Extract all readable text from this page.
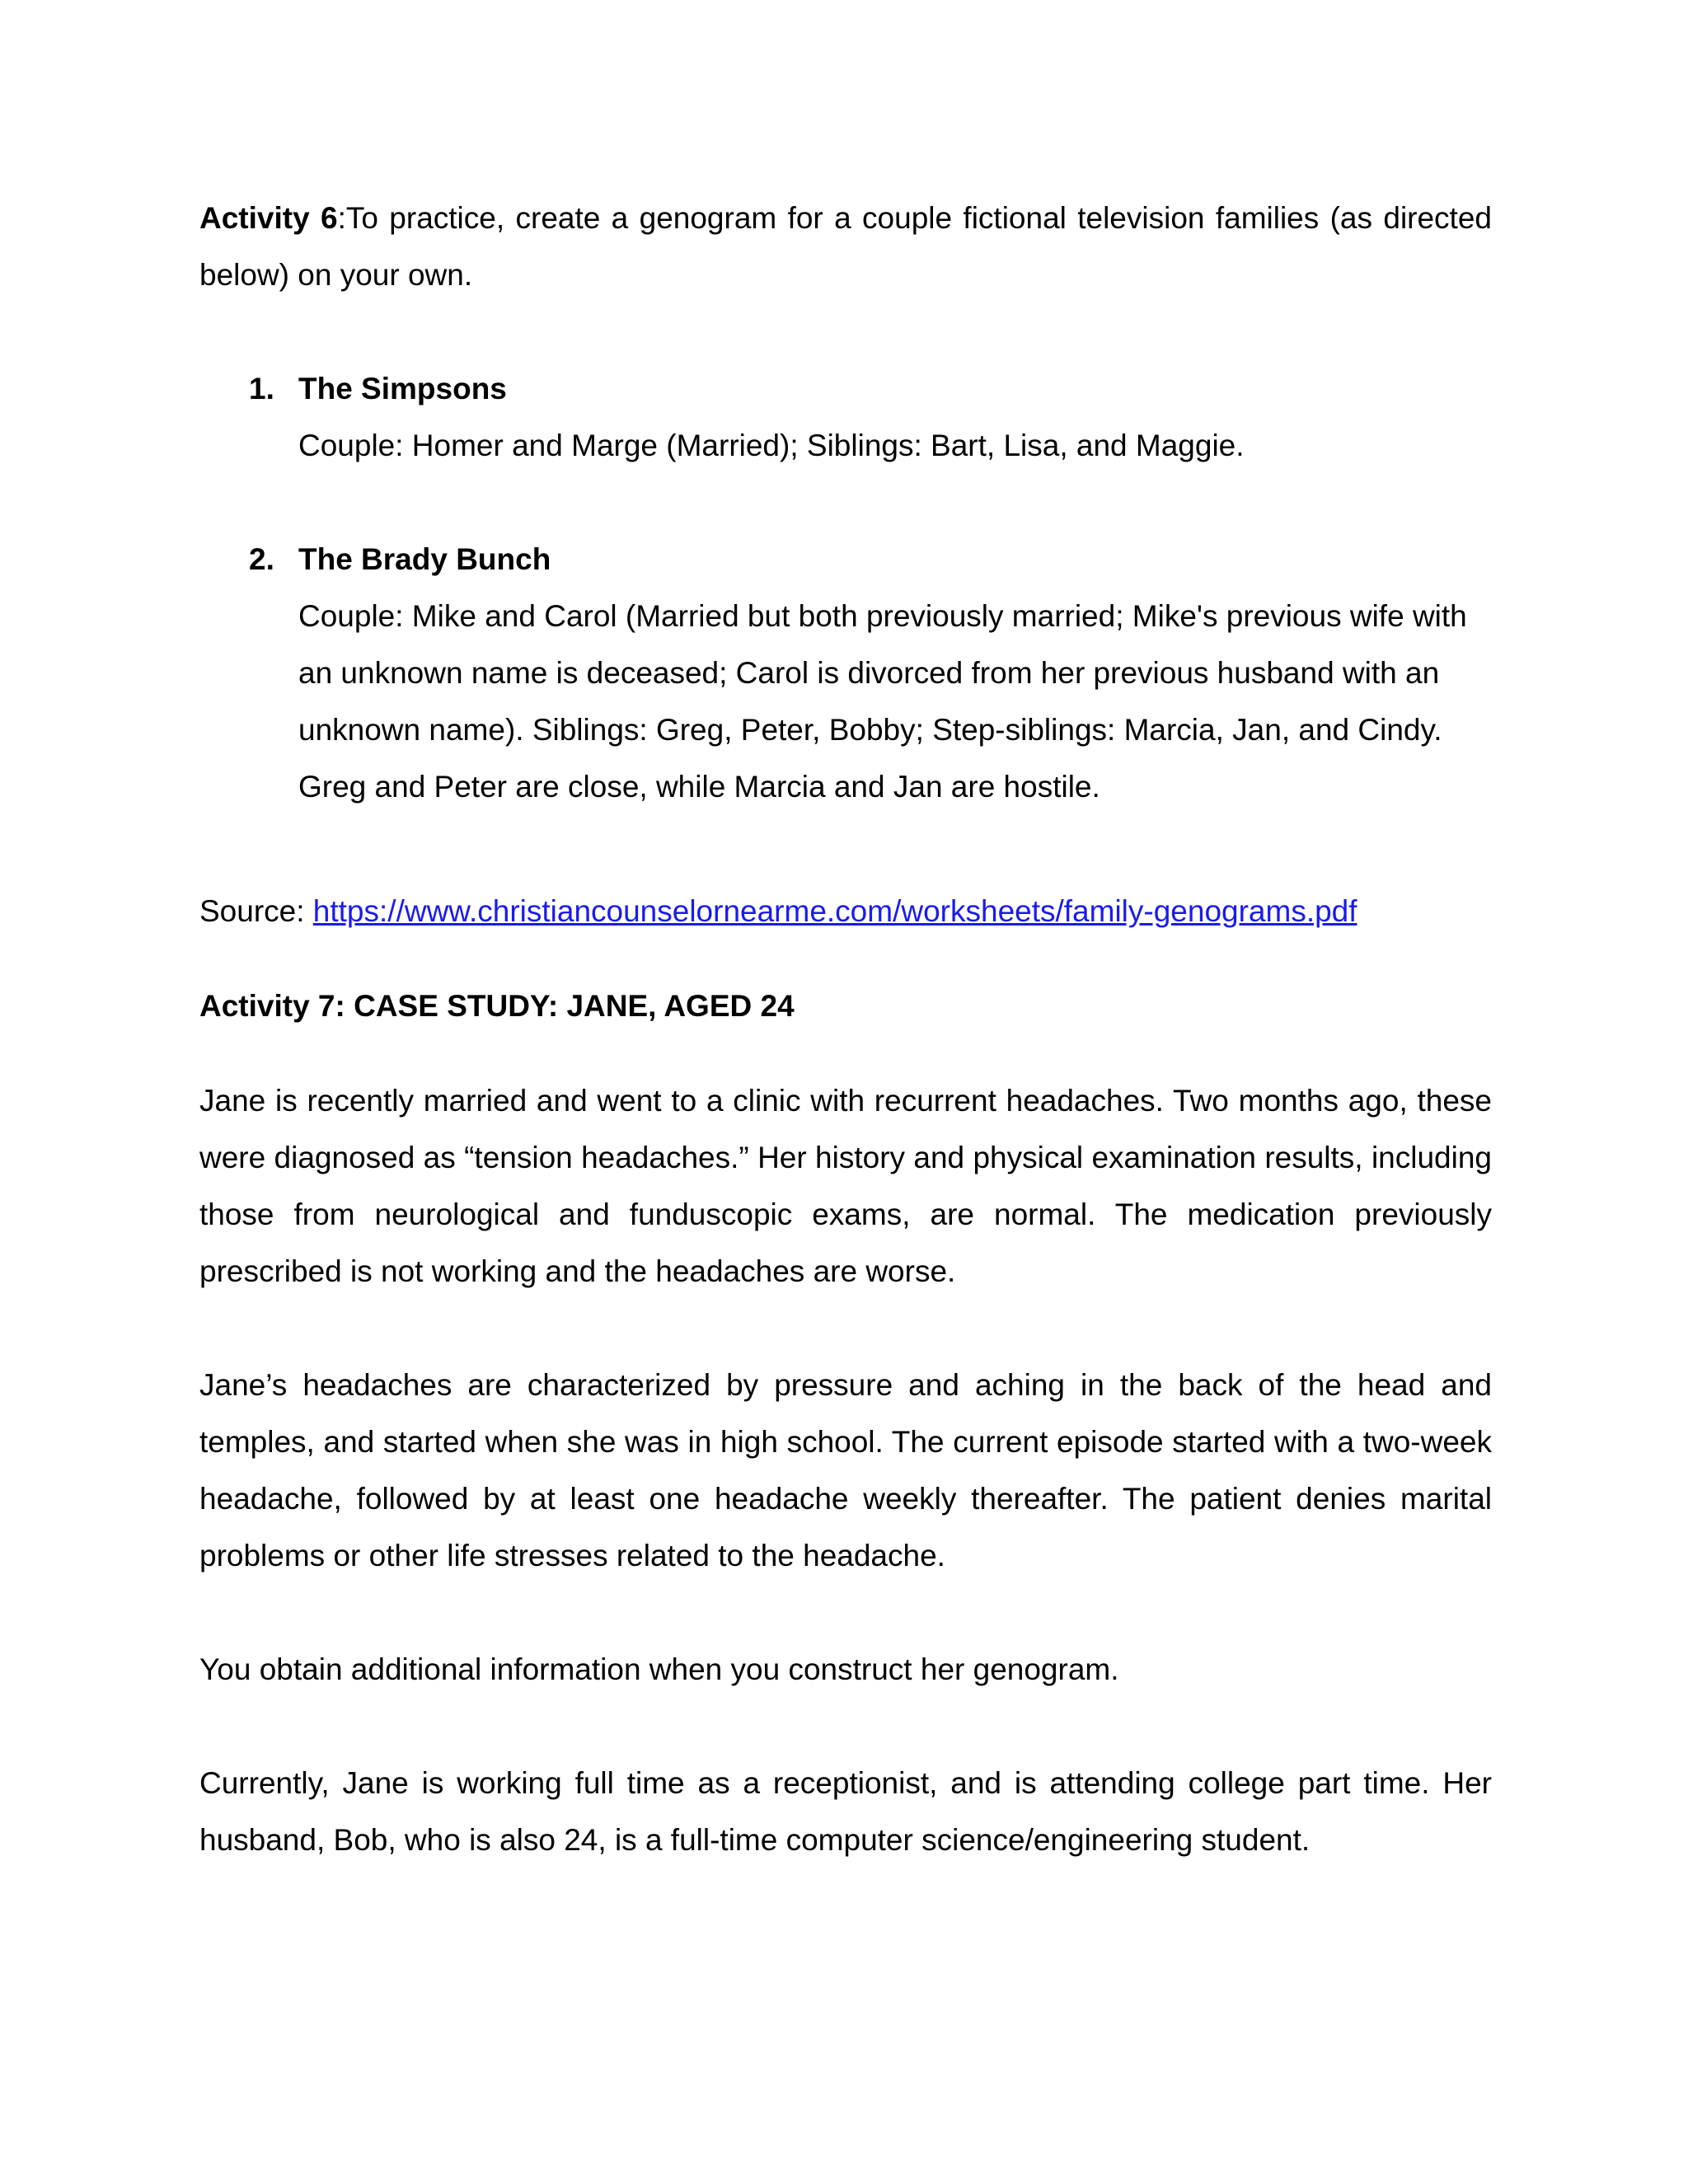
Activity 6:To practice, create a genogram for a couple fictional television families (as directed below) on your own.

1. The Simpsons

Couple: Homer and Marge (Married); Siblings: Bart, Lisa, and Maggie.

2. The Brady Bunch

Couple: Mike and Carol (Married but both previously married; Mike's previous wife with an unknown name is deceased; Carol is divorced from her previous husband with an unknown name). Siblings: Greg, Peter, Bobby; Step-siblings: Marcia, Jan, and Cindy. Greg and Peter are close, while Marcia and Jan are hostile.

Source: https://www.christiancounselornearme.com/worksheets/family-genograms.pdf

Activity 7: CASE STUDY: JANE, AGED 24

Jane is recently married and went to a clinic with recurrent headaches. Two months ago, these were diagnosed as “tension headaches.” Her history and physical examination results, including those from neurological and funduscopic exams, are normal. The medication previously prescribed is not working and the headaches are worse.

Jane’s headaches are characterized by pressure and aching in the back of the head and temples, and started when she was in high school. The current episode started with a two-week headache, followed by at least one headache weekly thereafter. The patient denies marital problems or other life stresses related to the headache.

You obtain additional information when you construct her genogram.

Currently, Jane is working full time as a receptionist, and is attending college part time. Her husband, Bob, who is also 24, is a full-time computer science/engineering student.
